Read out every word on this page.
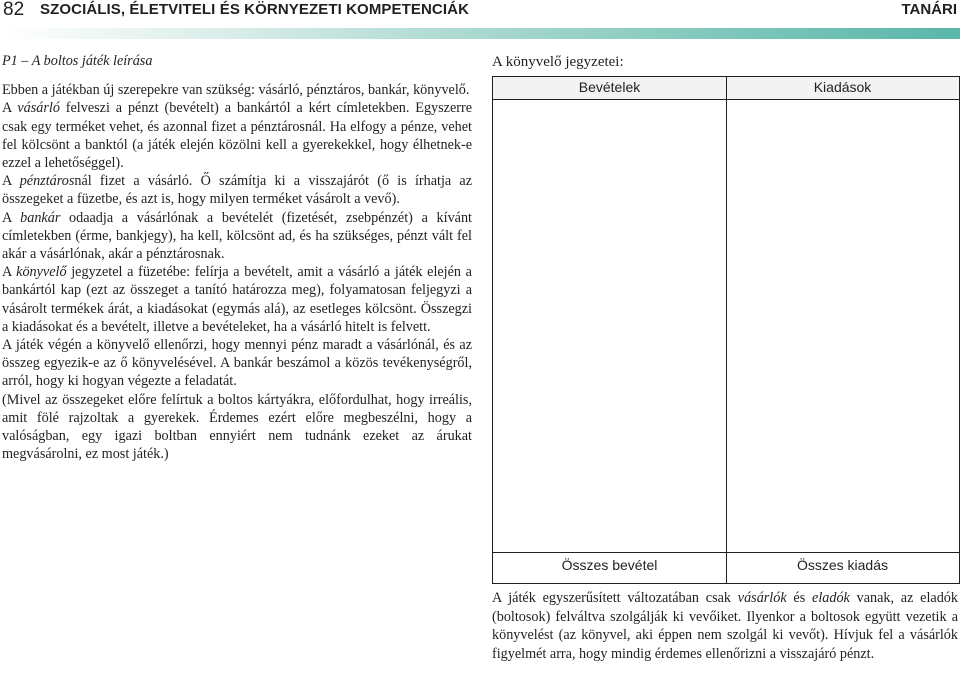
82 SZOCIÁLIS, ÉLETVITELI ÉS KÖRNYEZETI KOMPETENCIÁK	TANÁRI

P1 – A boltos játék leírása

Ebben a játékban új szerepekre van szükség: vásárló, pénztáros, bankár, könyvelő.

A vásárló felveszi a pénzt (bevételt) a bankártól a kért címletekben. Egyszerre csak egy terméket vehet, és azonnal fizet a pénztárosnál. Ha elfogy a pénze, vehet fel kölcsönt a banktól (a játék elején közölni kell a gyerekekkel, hogy élhetnek-e ezzel a lehetőséggel).

A pénztárosnál fizet a vásárló. Ő számítja ki a visszajárót (ő is írhatja az összegeket a füzetbe, és azt is, hogy milyen terméket vásárolt a vevő).

A bankár odaadja a vásárlónak a bevételét (fizetését, zsebpénzét) a kívánt címletekben (érme, bankjegy), ha kell, kölcsönt ad, és ha szükséges, pénzt vált fel akár a vásárlónak, akár a pénztárosnak.

A könyvelő jegyzetel a füzetébe: felírja a bevételt, amit a vásárló a játék elején a bankártól kap (ezt az összeget a tanító határozza meg), folyamatosan feljegyzi a vásárolt termékek árát, a kiadásokat (egymás alá), az esetleges kölcsönt. Összegzi a kiadásokat és a bevételt, illetve a bevételeket, ha a vásárló hitelt is felvett.

A játék végén a könyvelő ellenőrzi, hogy mennyi pénz maradt a vásárlónál, és az összeg egyezik-e az ő könyvelésével. A bankár beszámol a közös tevékenységről, arról, hogy ki hogyan végezte a feladatát.

(Mivel az összegeket előre felírtuk a boltos kártyákra, előfordulhat, hogy irreális, amit fölé rajzoltak a gyerekek. Érdemes ezért előre megbeszélni, hogy a valóságban, egy igazi boltban ennyiért nem tudnánk ezeket az árukat megvásárolni, ez most játék.)

A könyvelő jegyzetei:

Bevételek	Kiadások
Összes bevétel	Összes kiadás

A játék egyszerűsített változatában csak vásárlók és eladók vanak, az eladók (boltosok) felváltva szolgálják ki vevőiket. Ilyenkor a boltosok együtt vezetik a könyvelést (az könyvel, aki éppen nem szolgál ki vevőt). Hívjuk fel a vásárlók figyelmét arra, hogy mindig érdemes ellenőrizni a visszajáró pénzt.
